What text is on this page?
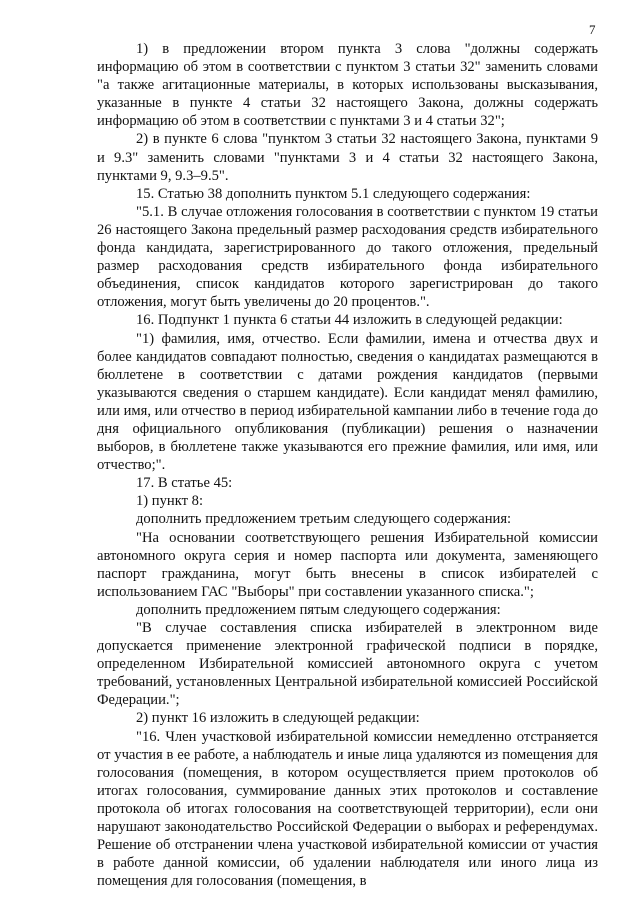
7

1) в предложении втором пункта 3 слова "должны содержать информацию об этом в соответствии с пунктом 3 статьи 32" заменить словами "а также агитационные материалы, в которых использованы высказывания, указанные в пункте 4 статьи 32 настоящего Закона, должны содержать информацию об этом в соответствии с пунктами 3 и 4 статьи 32";

2) в пункте 6 слова "пунктом 3 статьи 32 настоящего Закона, пунктами 9 и 9.3" заменить словами "пунктами 3 и 4 статьи 32 настоящего Закона, пунктами 9, 9.3–9.5".

15. Статью 38 дополнить пунктом 5.1 следующего содержания:

"5.1. В случае отложения голосования в соответствии с пунктом 19 статьи 26 настоящего Закона предельный размер расходования средств избирательного фонда кандидата, зарегистрированного до такого отложения, предельный размер расходования средств избирательного фонда избирательного объединения, список кандидатов которого зарегистрирован до такого отложения, могут быть увеличены до 20 процентов.".

16. Подпункт 1 пункта 6 статьи 44 изложить в следующей редакции:

"1) фамилия, имя, отчество. Если фамилии, имена и отчества двух и более кандидатов совпадают полностью, сведения о кандидатах размещаются в бюллетене в соответствии с датами рождения кандидатов (первыми указываются сведения о старшем кандидате). Если кандидат менял фамилию, или имя, или отчество в период избирательной кампании либо в течение года до дня официального опубликования (публикации) решения о назначении выборов, в бюллетене также указываются его прежние фамилия, или имя, или отчество;".

17. В статье 45:

1) пункт 8:

дополнить предложением третьим следующего содержания:

"На основании соответствующего решения Избирательной комиссии автономного округа серия и номер паспорта или документа, заменяющего паспорт гражданина, могут быть внесены в список избирателей с использованием ГАС "Выборы" при составлении указанного списка.";

дополнить предложением пятым следующего содержания:

"В случае составления списка избирателей в электронном виде допускается применение электронной графической подписи в порядке, определенном Избирательной комиссией автономного округа с учетом требований, установленных Центральной избирательной комиссией Российской Федерации.";

2) пункт 16 изложить в следующей редакции:

"16. Член участковой избирательной комиссии немедленно отстраняется от участия в ее работе, а наблюдатель и иные лица удаляются из помещения для голосования (помещения, в котором осуществляется прием протоколов об итогах голосования, суммирование данных этих протоколов и составление протокола об итогах голосования на соответствующей территории), если они нарушают законодательство Российской Федерации о выборах и референдумах. Решение об отстранении члена участковой избирательной комиссии от участия в работе данной комиссии, об удалении наблюдателя или иного лица из помещения для голосования (помещения, в
